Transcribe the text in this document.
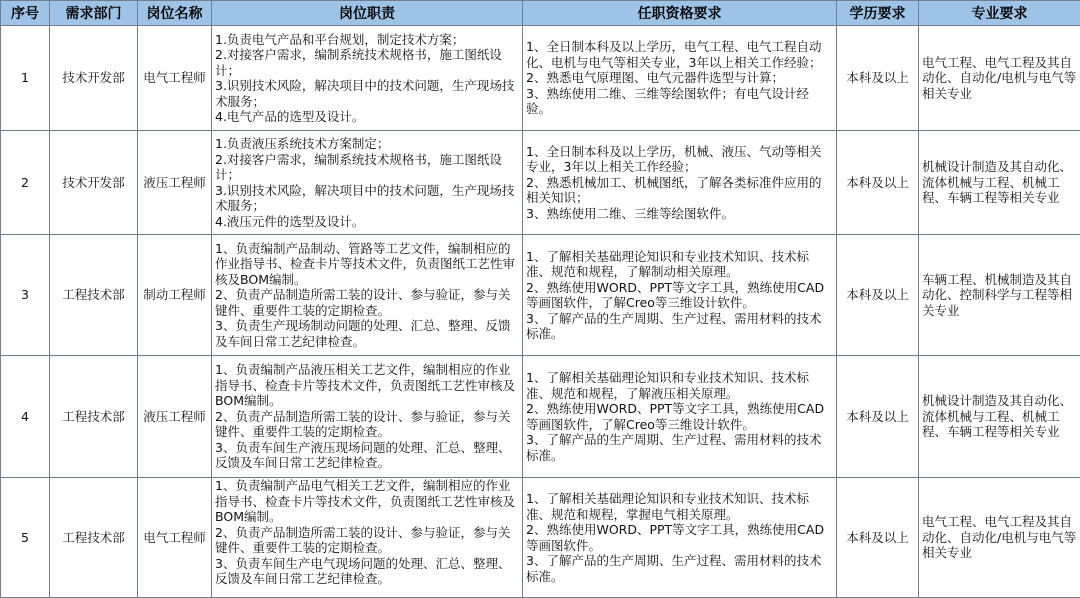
序号	需求部门	岗位名称	岗位职责	任职资格要求	学历要求	专业要求
1	技术开发部	电气工程师	1.负责电气产品和平台规划，制定技术方案；
2.对接客户需求，编制系统技术规格书，施工图纸设计；
3.识别技术风险，解决项目中的技术问题，生产现场技术服务；
4.电气产品的选型及设计。	1、全日制本科及以上学历，电气工程、电气工程自动化、电机与电气等相关专业，3年以上相关工作经验；
2、熟悉电气原理图、电气元器件选型与计算；
3、熟练使用二维、三维等绘图软件；有电气设计经验。	本科及以上	电气工程、电气工程及其自动化、自动化/电机与电气等相关专业
2	技术开发部	液压工程师	1.负责液压系统技术方案制定；
2.对接客户需求，编制系统技术规格书，施工图纸设计；
3.识别技术风险，解决项目中的技术问题，生产现场技术服务；
4.液压元件的选型及设计。	1、全日制本科及以上学历，机械、液压、气动等相关专业，3年以上相关工作经验；
2、熟悉机械加工、机械图纸，了解各类标准件应用的相关知识；
3、熟练使用二维、三维等绘图软件。	本科及以上	机械设计制造及其自动化、流体机械与工程、机械工程、车辆工程等相关专业
3	工程技术部	制动工程师	1、负责编制产品制动、管路等工艺文件，编制相应的作业指导书、检查卡片等技术文件，负责图纸工艺性审核及BOM编制。
2、负责产品制造所需工装的设计、参与验证，参与关键件、重要件工装的定期检查。
3、负责生产现场制动问题的处理、汇总、整理、反馈及车间日常工艺纪律检查。	1、了解相关基础理论知识和专业技术知识、技术标准、规范和规程，了解制动相关原理。
2、熟练使用WORD、PPT等文字工具，熟练使用CAD等画图软件，了解Creo等三维设计软件。
3、了解产品的生产周期、生产过程、需用材料的技术标准。	本科及以上	车辆工程、机械制造及其自动化、控制科学与工程等相关专业
4	工程技术部	液压工程师	1、负责编制产品液压相关工艺文件，编制相应的作业指导书、检查卡片等技术文件，负责图纸工艺性审核及BOM编制。
2、负责产品制造所需工装的设计、参与验证，参与关键件、重要件工装的定期检查。
3、负责车间生产液压现场问题的处理、汇总、整理、反馈及车间日常工艺纪律检查。	1、了解相关基础理论知识和专业技术知识、技术标准、规范和规程，了解液压相关原理。
2、熟练使用WORD、PPT等文字工具，熟练使用CAD等画图软件，了解Creo等三维设计软件。
3、了解产品的生产周期、生产过程、需用材料的技术标准。	本科及以上	机械设计制造及其自动化、流体机械与工程、机械工程、车辆工程等相关专业
5	工程技术部	电气工程师	1、负责编制产品电气相关工艺文件，编制相应的作业指导书、检查卡片等技术文件，负责图纸工艺性审核及BOM编制。
2、负责产品制造所需工装的设计、参与验证，参与关键件、重要件工装的定期检查。
3、负责车间生产电气现场问题的处理、汇总、整理、反馈及车间日常工艺纪律检查。	1、了解相关基础理论知识和专业技术知识、技术标准、规范和规程，掌握电气相关原理。
2、熟练使用WORD、PPT等文字工具，熟练使用CAD等画图软件。
3、了解产品的生产周期、生产过程、需用材料的技术标准。	本科及以上	电气工程、电气工程及其自动化、自动化/电机与电气等相关专业
